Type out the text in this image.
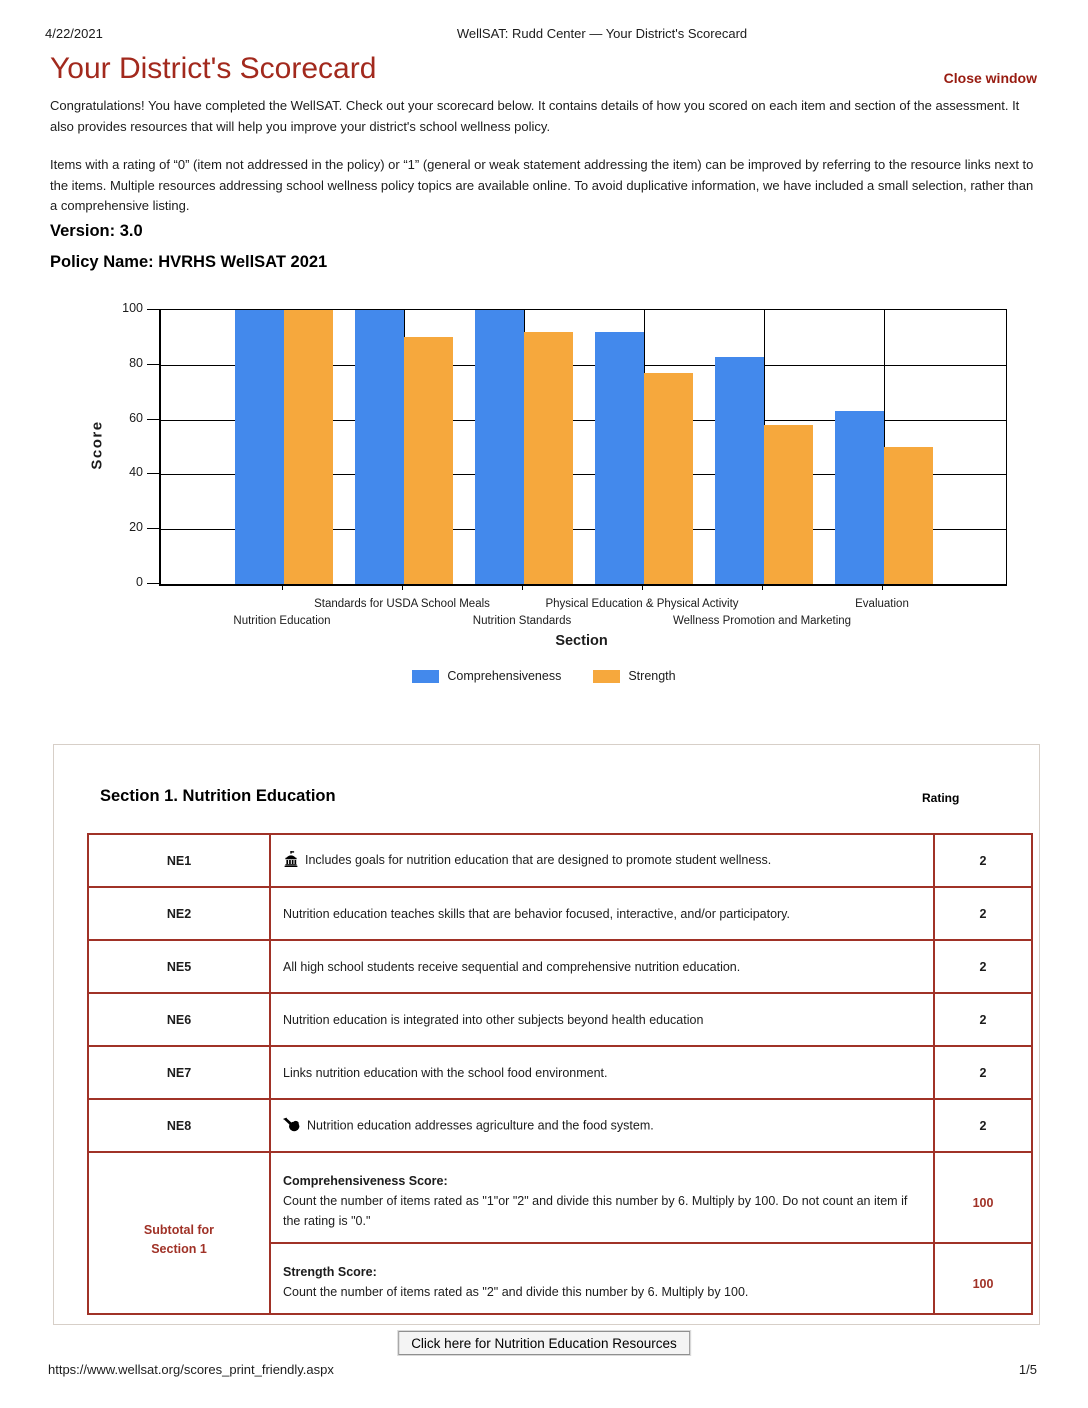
4/22/2021	WellSAT: Rudd Center — Your District's Scorecard
Your District's Scorecard	Close window
Congratulations! You have completed the WellSAT. Check out your scorecard below. It contains details of how you scored on each item and section of the assessment. It also provides resources that will help you improve your district's school wellness policy.
Items with a rating of “0” (item not addressed in the policy) or “1” (general or weak statement addressing the item) can be improved by referring to the resource links next to the items. Multiple resources addressing school wellness policy topics are available online. To avoid duplicative information, we have included a small selection, rather than a comprehensive listing.
Version: 3.0
Policy Name: HVRHS WellSAT 2021
Score
Nutrition Education
Standards for USDA School Meals
Nutrition Standards
Physical Education & Physical Activity
Wellness Promotion and Marketing
Evaluation
Section
Comprehensiveness	Strength
0
20
40
60
80
100
Section 1. Nutrition Education	Rating
NE1	Includes goals for nutrition education that are designed to promote student wellness.	2
NE2	Nutrition education teaches skills that are behavior focused, interactive, and/or participatory.	2
NE5	All high school students receive sequential and comprehensive nutrition education.	2
NE6	Nutrition education is integrated into other subjects beyond health education	2
NE7	Links nutrition education with the school food environment.	2
NE8	Nutrition education addresses agriculture and the food system.	2

Subtotal for Section 1	Comprehensiveness Score:
Count the number of items rated as "1"or "2" and divide this number by 6. Multiply by 100. Do not count an item if the rating is "0."	100
	Strength Score:
Count the number of items rated as "2" and divide this number by 6. Multiply by 100.	100
Click here for Nutrition Education Resources
https://www.wellsat.org/scores_print_friendly.aspx	1/5
